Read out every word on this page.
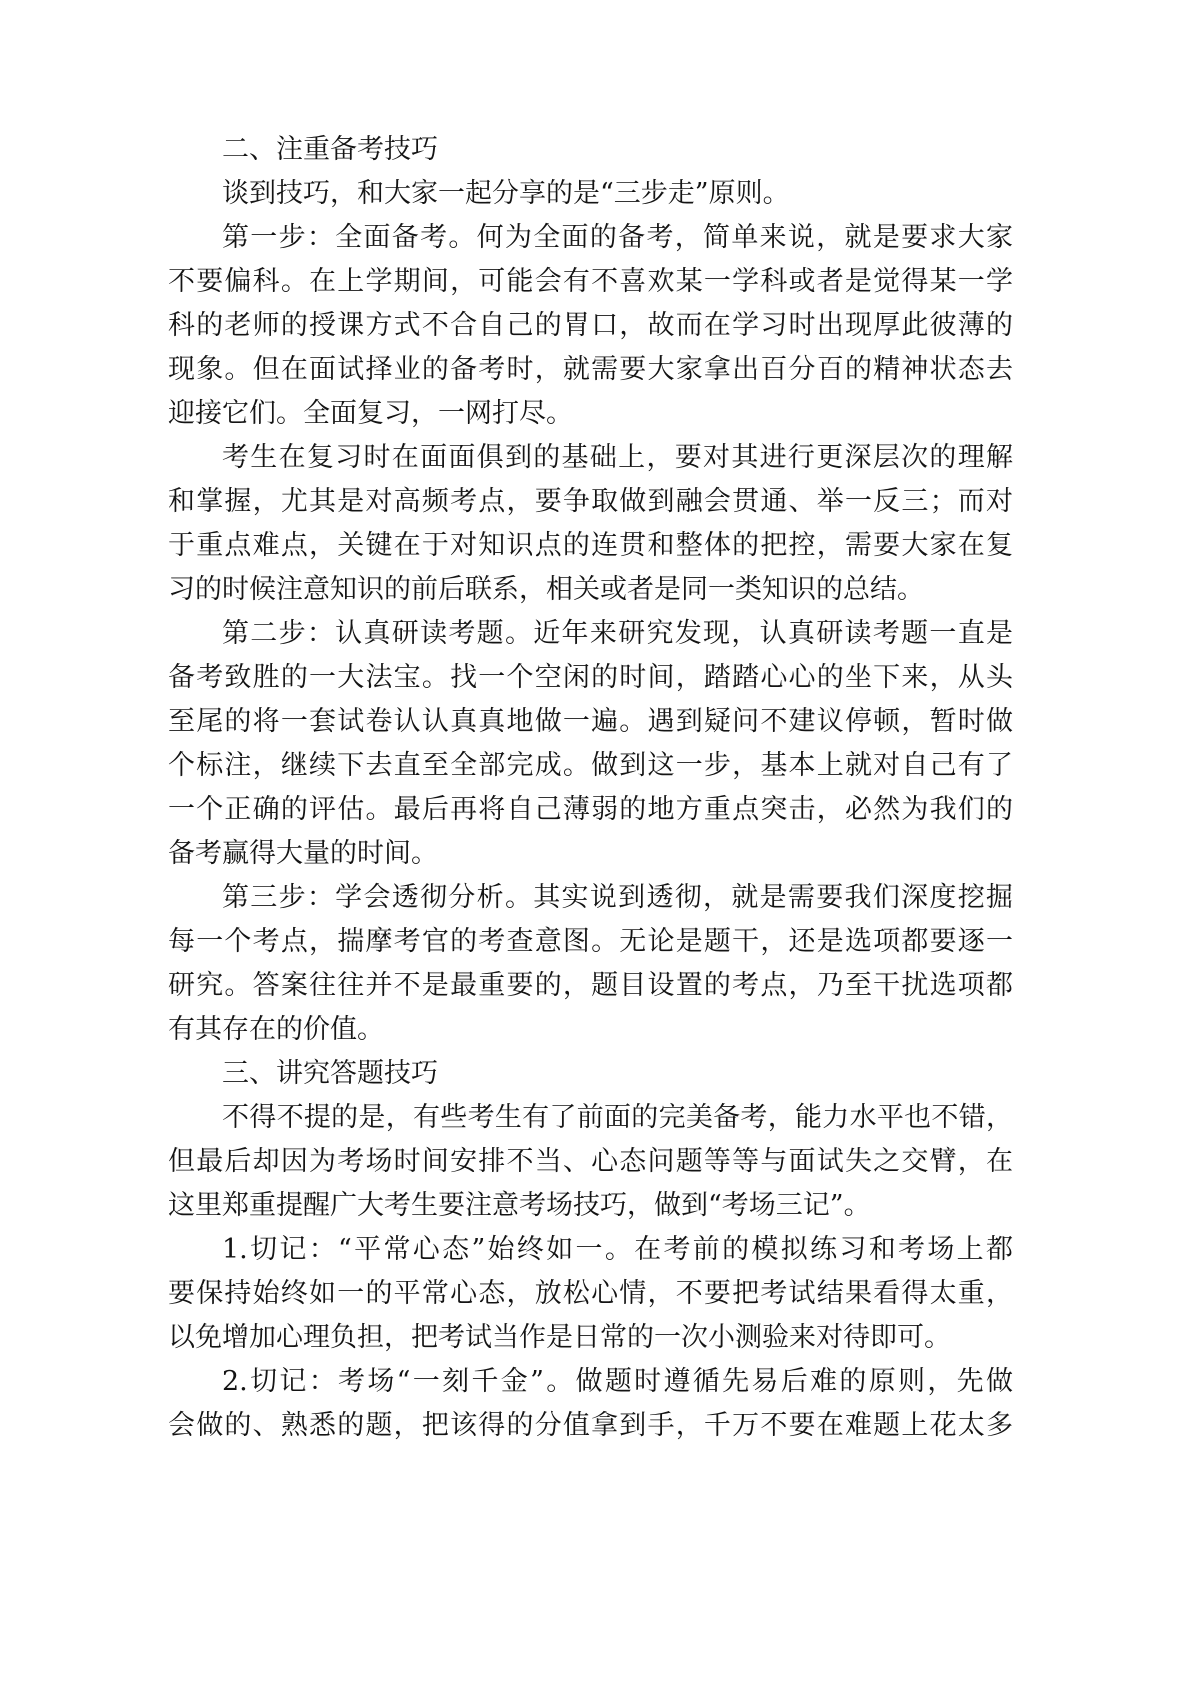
二、注重备考技巧
谈到技巧，和大家一起分享的是“三步走”原则。
第一步：全面备考。何为全面的备考，简单来说，就是要求大家
不要偏科。在上学期间，可能会有不喜欢某一学科或者是觉得某一学
科的老师的授课方式不合自己的胃口，故而在学习时出现厚此彼薄的
现象。但在面试择业的备考时，就需要大家拿出百分百的精神状态去
迎接它们。全面复习，一网打尽。
考生在复习时在面面俱到的基础上，要对其进行更深层次的理解
和掌握，尤其是对高频考点，要争取做到融会贯通、举一反三；而对
于重点难点，关键在于对知识点的连贯和整体的把控，需要大家在复
习的时候注意知识的前后联系，相关或者是同一类知识的总结。
第二步：认真研读考题。近年来研究发现，认真研读考题一直是
备考致胜的一大法宝。找一个空闲的时间，踏踏心心的坐下来，从头
至尾的将一套试卷认认真真地做一遍。遇到疑问不建议停顿，暂时做
个标注，继续下去直至全部完成。做到这一步，基本上就对自己有了
一个正确的评估。最后再将自己薄弱的地方重点突击，必然为我们的
备考赢得大量的时间。
第三步：学会透彻分析。其实说到透彻，就是需要我们深度挖掘
每一个考点，揣摩考官的考查意图。无论是题干，还是选项都要逐一
研究。答案往往并不是最重要的，题目设置的考点，乃至干扰选项都
有其存在的价值。
三、讲究答题技巧
不得不提的是，有些考生有了前面的完美备考，能力水平也不错，
但最后却因为考场时间安排不当、心态问题等等与面试失之交臂，在
这里郑重提醒广大考生要注意考场技巧，做到“考场三记”。
1.切记：“平常心态”始终如一。在考前的模拟练习和考场上都
要保持始终如一的平常心态，放松心情，不要把考试结果看得太重，
以免增加心理负担，把考试当作是日常的一次小测验来对待即可。
2.切记：考场“一刻千金”。做题时遵循先易后难的原则，先做
会做的、熟悉的题，把该得的分值拿到手，千万不要在难题上花太多
